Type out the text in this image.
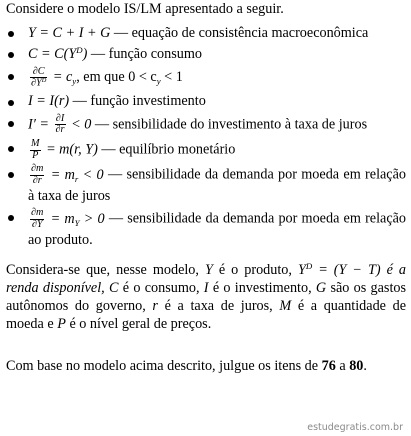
Considere o modelo IS/LM apresentado a seguir.

Y = C + I + G — equação de consistência macroeconômica
$C = C(Y^D)$ — função consumo
$\frac{\partial C}{\partial Y^D} = c_y$, em que $0 < c_y < 1$
I = I(r) — função investimento
$I' = \frac{\partial I}{\partial r} < 0$ — sensibilidade do investimento à taxa de juros
$\frac{M}{P} = m(r$, Y) — equilíbrio monetário
$\frac{\partial m}{\partial r} = m_r < 0$ — sensibilidade da demanda por moeda em relação à taxa de juros
$\frac{\partial m}{\partial Y} = m_Y > 0$ — sensibilidade da demanda por moeda em relação ao produto.

Considera-se que, nesse modelo, Y é o produto, $Y^D = (Y - T)$ é a renda disponível, C é o consumo, I é o investimento, G são os gastos autônomos do governo, r é a taxa de juros, M é a quantidade de moeda e P é o nível geral de preços.

Com base no modelo acima descrito, julgue os itens de 76 a 80.

estudegratis.com.br
